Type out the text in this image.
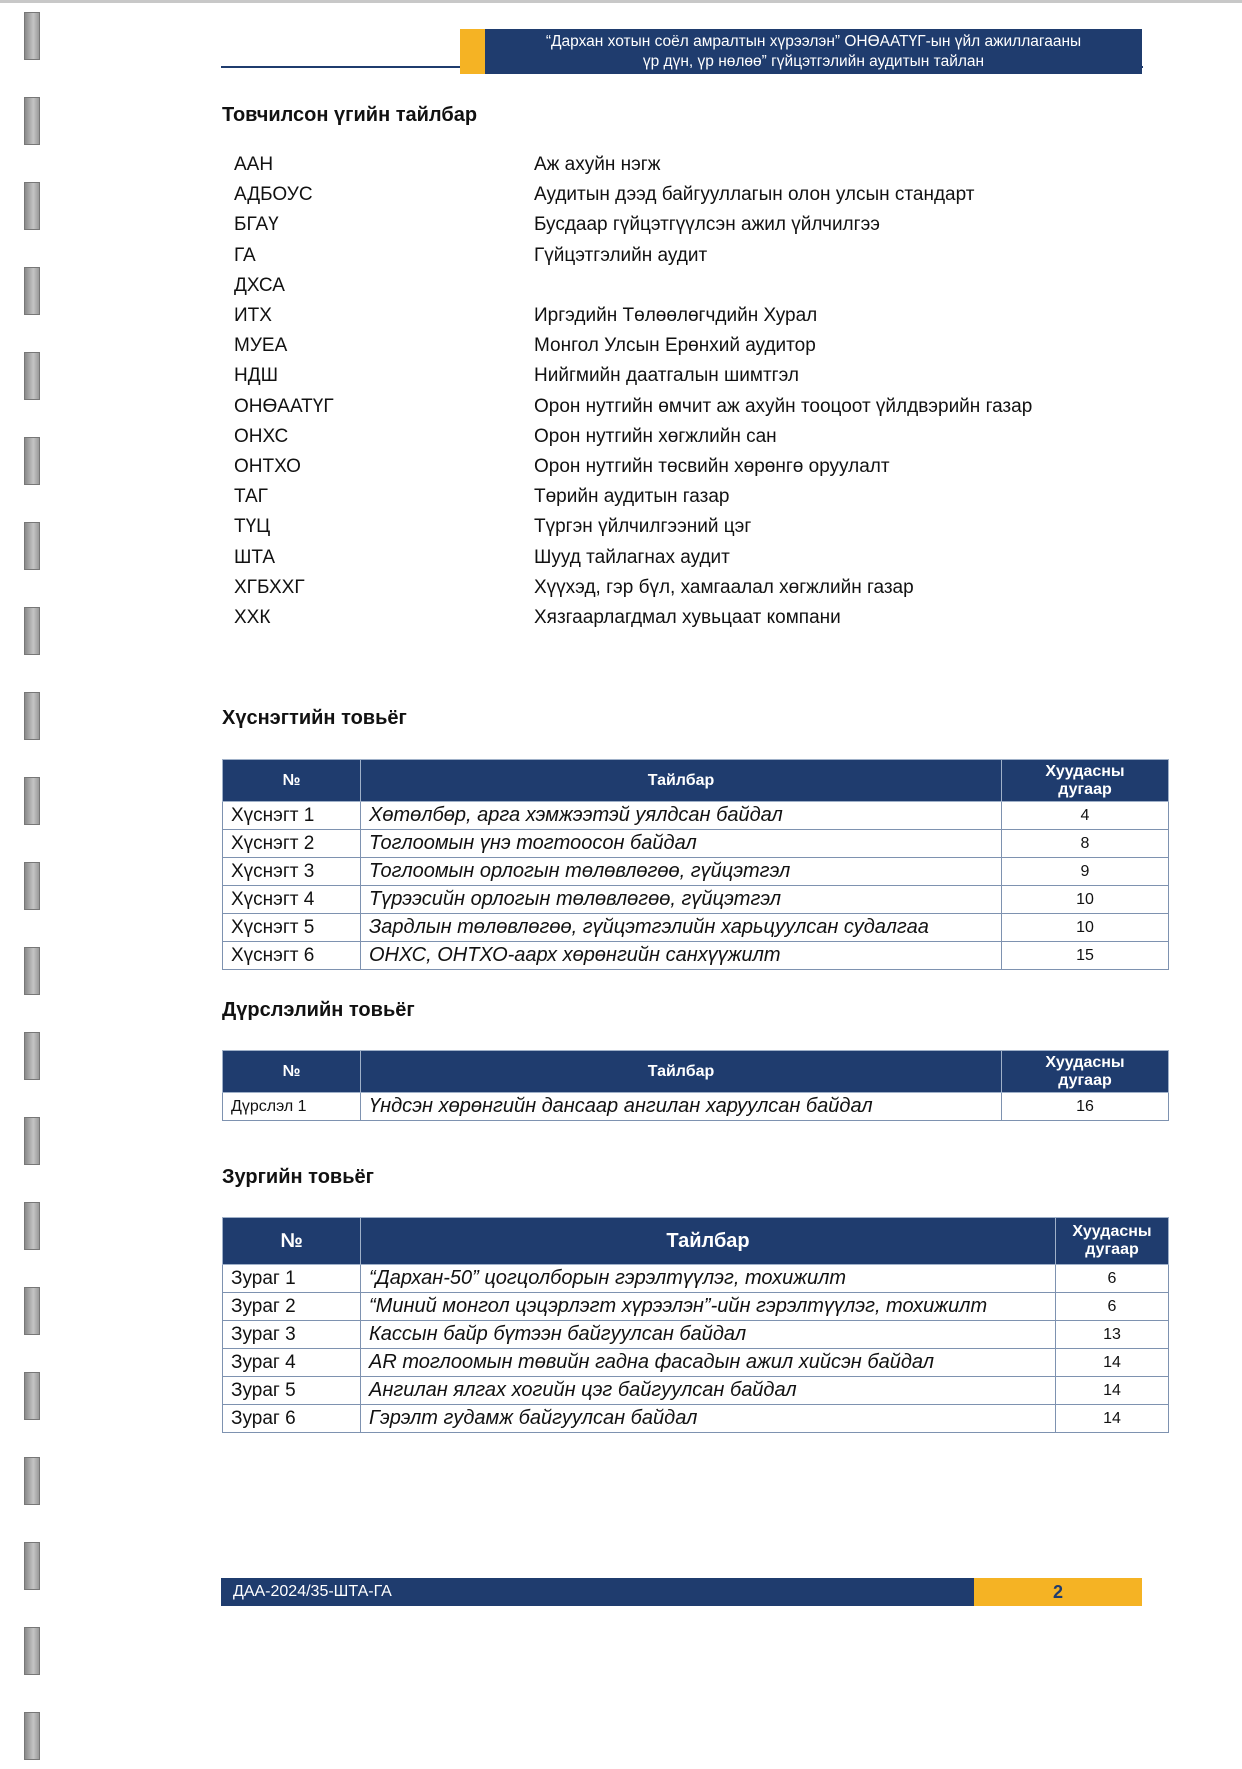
“Дархан хотын соёл амралтын хүрээлэн” ОНӨААТҮГ-ын үйл ажиллагааны
үр дүн, үр нөлөө” гүйцэтгэлийн аудитын тайлан
Товчилсон үгийн тайлбар
ААН	Аж ахуйн нэгж
АДБОУС	Аудитын дээд байгууллагын олон улсын стандарт
БГАҮ	Бусдаар гүйцэтгүүлсэн ажил үйлчилгээ
ГА	Гүйцэтгэлийн аудит
ДХСА
ИТХ	Иргэдийн Төлөөлөгчдийн Хурал
МУЕА	Монгол Улсын Ерөнхий аудитор
НДШ	Нийгмийн даатгалын шимтгэл
ОНӨААТҮГ	Орон нутгийн өмчит аж ахуйн тооцоот үйлдвэрийн газар
ОНХС	Орон нутгийн хөгжлийн сан
ОНТХО	Орон нутгийн төсвийн хөрөнгө оруулалт
ТАГ	Төрийн аудитын газар
ТҮЦ	Түргэн үйлчилгээний цэг
ШТА	Шууд тайлагнах аудит
ХГБХХГ	Хүүхэд, гэр бүл, хамгаалал хөгжлийн газар
ХХК	Хязгаарлагдмал хувьцаат компани
Хүснэгтийн товьёг
№	Тайлбар	Хуудасны
дугаар

Хүснэгт 1	Хөтөлбөр, арга хэмжээтэй уялдсан байдал	4
Хүснэгт 2	Тоглоомын үнэ тогтоосон байдал	8
Хүснэгт 3	Тоглоомын орлогын төлөвлөгөө, гүйцэтгэл	9
Хүснэгт 4	Түрээсийн орлогын төлөвлөгөө, гүйцэтгэл	10
Хүснэгт 5	Зардлын төлөвлөгөө, гүйцэтгэлийн харьцуулсан судалгаа	10
Хүснэгт 6	ОНХС, ОНТХО-аарх хөрөнгийн санхүүжилт	15
Дүрслэлийн товьёг
№	Тайлбар	Хуудасны
дугаар

Дүрслэл 1	Үндсэн хөрөнгийн дансаар ангилан харуулсан байдал	16
Зургийн товьёг
№	Тайлбар	Хуудасны
дугаар

Зураг 1	“Дархан-50” цогцолборын гэрэлтүүлэг, тохижилт	6
Зураг 2	“Миний монгол цэцэрлэгт хүрээлэн”-ийн гэрэлтүүлэг, тохижилт	6
Зураг 3	Кассын байр бүтээн байгуулсан байдал	13
Зураг 4	AR тоглоомын төвийн гадна фасадын ажил хийсэн байдал	14
Зураг 5	Ангилан ялгах хогийн цэг байгуулсан байдал	14
Зураг 6	Гэрэлт гудамж байгуулсан байдал	14
ДАА-2024/35-ШТА-ГА	2
